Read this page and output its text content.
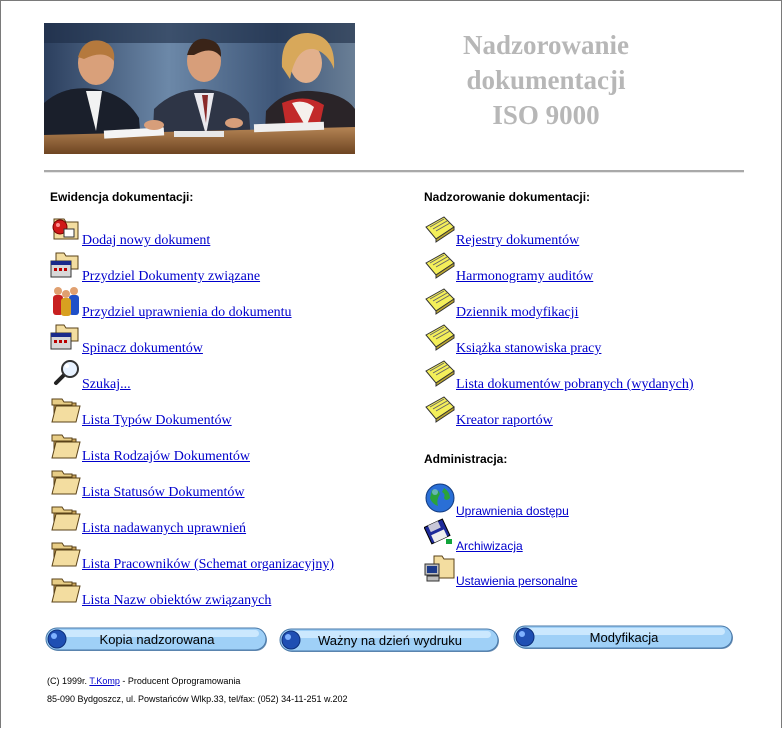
Nadzorowanie
dokumentacji
ISO 9000
Ewidencja dokumentacji:
Dodaj nowy dokument
Przydziel Dokumenty związane
Przydziel uprawnienia do dokumentu
Spinacz dokumentów
Szukaj...
Lista Typów Dokumentów
Lista Rodzajów Dokumentów
Lista Statusów Dokumentów
Lista nadawanych uprawnień
Lista Pracowników (Schemat organizacyjny)
Lista Nazw obiektów związanych
Nadzorowanie dokumentacji:
Rejestry dokumentów
Harmonogramy auditów
Dziennik modyfikacji
Książka stanowiska pracy
Lista dokumentów pobranych (wydanych)
Kreator raportów
Administracja:
Uprawnienia dostępu
Archiwizacja
Ustawienia personalne
Kopia nadzorowana	Ważny na dzień wydruku	Modyfikacja
(C) 1999r. T.Komp - Producent Oprogramowania
85-090 Bydgoszcz, ul. Powstańców Wlkp.33, tel/fax: (052) 34-11-251 w.202
